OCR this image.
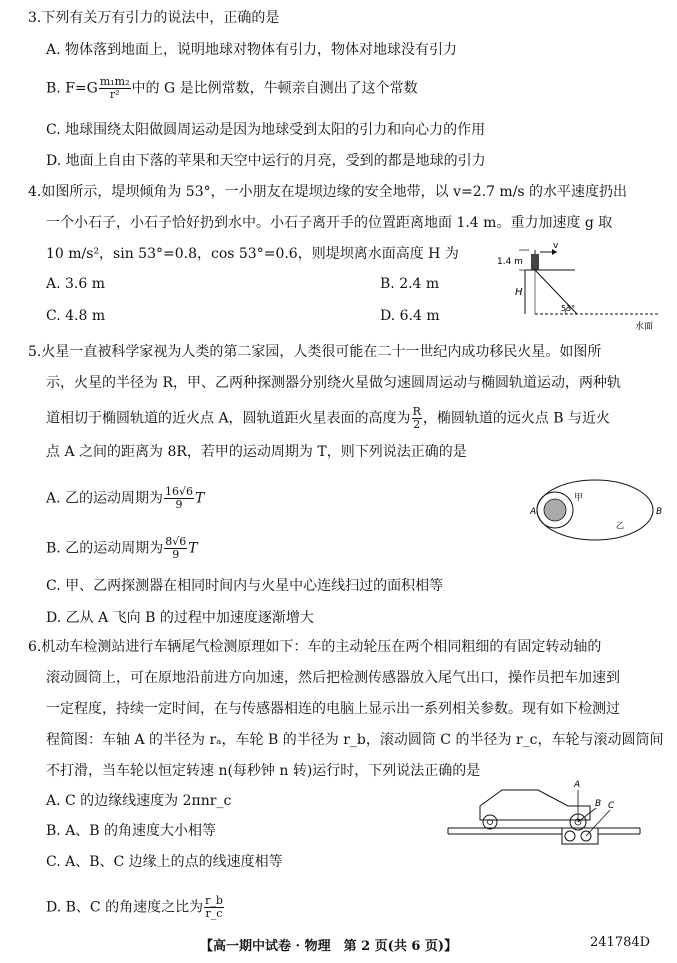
3.下列有关万有引力的说法中，正确的是
A. 物体落到地面上，说明地球对物体有引力，物体对地球没有引力
B. $F=G \frac{\text{m₁m₂}}{\text{r²}}$ 中的 G 是比例常数，牛顿亲自测出了这个常数
C. 地球围绕太阳做圆周运动是因为地球受到太阳的引力和向心力的作用
D. 地面上自由下落的苹果和天空中运行的月亮，受到的都是地球的引力
4.如图所示，堤坝倾角为 53°，一小朋友在堤坝边缘的安全地带，以 v=2.7 m/s 的水平速度扔出
一个小石子，小石子恰好扔到水中。小石子离开手的位置距离地面 1.4 m。重力加速度 g 取
10 m/s²，sin 53°=0.8，cos 53°=0.6，则堤坝离水面高度 H 为
A. 3.6 m	B. 2.4 m
C. 4.8 m	D. 6.4 m
v
1.4 m
H
53°
水面
5.火星一直被科学家视为人类的第二家园，人类很可能在二十一世纪内成功移民火星。如图所
示，火星的半径为 R，甲、乙两种探测器分别绕火星做匀速圆周运动与椭圆轨道运动，两种轨
道相切于椭圆轨道的近火点 A，圆轨道距火星表面的高度为 $\frac{R}{2}$ ，椭圆轨道的远火点 B 与近火
点 A 之间的距离为 8R，若甲的运动周期为 T，则下列说法正确的是
A. 乙的运动周期为 $\frac{16√6}{9}$ T
B. 乙的运动周期为 $\frac{8√6}{9}$ T
C. 甲、乙两探测器在相同时间内与火星中心连线扫过的面积相等
D. 乙从 A 飞向 B 的过程中加速度逐渐增大
A	B
甲
乙
6.机动车检测站进行车辆尾气检测原理如下：车的主动轮压在两个相同粗细的有固定转动轴的
滚动圆筒上，可在原地沿前进方向加速，然后把检测传感器放入尾气出口，操作员把车加速到
一定程度，持续一定时间，在与传感器相连的电脑上显示出一系列相关参数。现有如下检测过
程简图：车轴 A 的半径为 rₐ，车轮 B 的半径为 r_b，滚动圆筒 C 的半径为 r_c，车轮与滚动圆筒间
不打滑，当车轮以恒定转速 n(每秒钟 n 转)运行时，下列说法正确的是
A. C 的边缘线速度为 2πnr_c
B. A、B 的角速度大小相等
C. A、B、C 边缘上的点的线速度相等
D. B、C 的角速度之比为 $\frac{r\_b}{r\_c}$
A
B C
【高一期中试卷 · 物理　第 2 页(共 6 页)】	241784D
